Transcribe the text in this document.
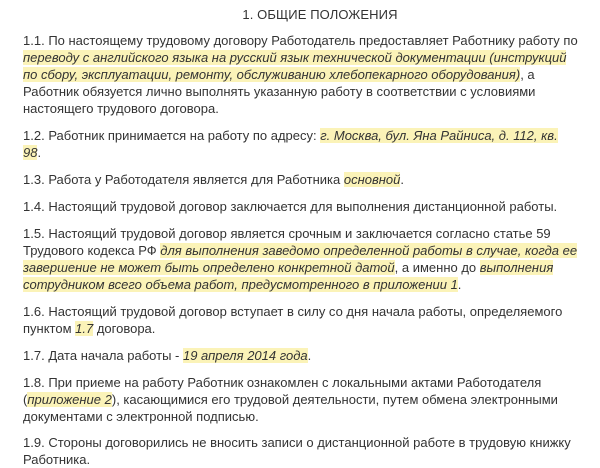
1. ОБЩИЕ ПОЛОЖЕНИЯ
1.1. По настоящему трудовому договору Работодатель предоставляет Работнику работу по переводу с английского языка на русский язык технической документации (инструкций по сбору, эксплуатации, ремонту, обслуживанию хлебопекарного оборудования), а Работник обязуется лично выполнять указанную работу в соответствии с условиями настоящего трудового договора.
1.2. Работник принимается на работу по адресу: г. Москва, бул. Яна Райниса, д. 112, кв. 98.
1.3. Работа у Работодателя является для Работника основной.
1.4. Настоящий трудовой договор заключается для выполнения дистанционной работы.
1.5. Настоящий трудовой договор является срочным и заключается согласно статье 59 Трудового кодекса РФ для выполнения заведомо определенной работы в случае, когда ее завершение не может быть определено конкретной датой, а именно до выполнения сотрудником всего объема работ, предусмотренного в приложении 1.
1.6. Настоящий трудовой договор вступает в силу со дня начала работы, определяемого пунктом 1.7 договора.
1.7. Дата начала работы - 19 апреля 2014 года.
1.8. При приеме на работу Работник ознакомлен с локальными актами Работодателя (приложение 2), касающимися его трудовой деятельности, путем обмена электронными документами с электронной подписью.
1.9. Стороны договорились не вносить записи о дистанционной работе в трудовую книжку Работника.
